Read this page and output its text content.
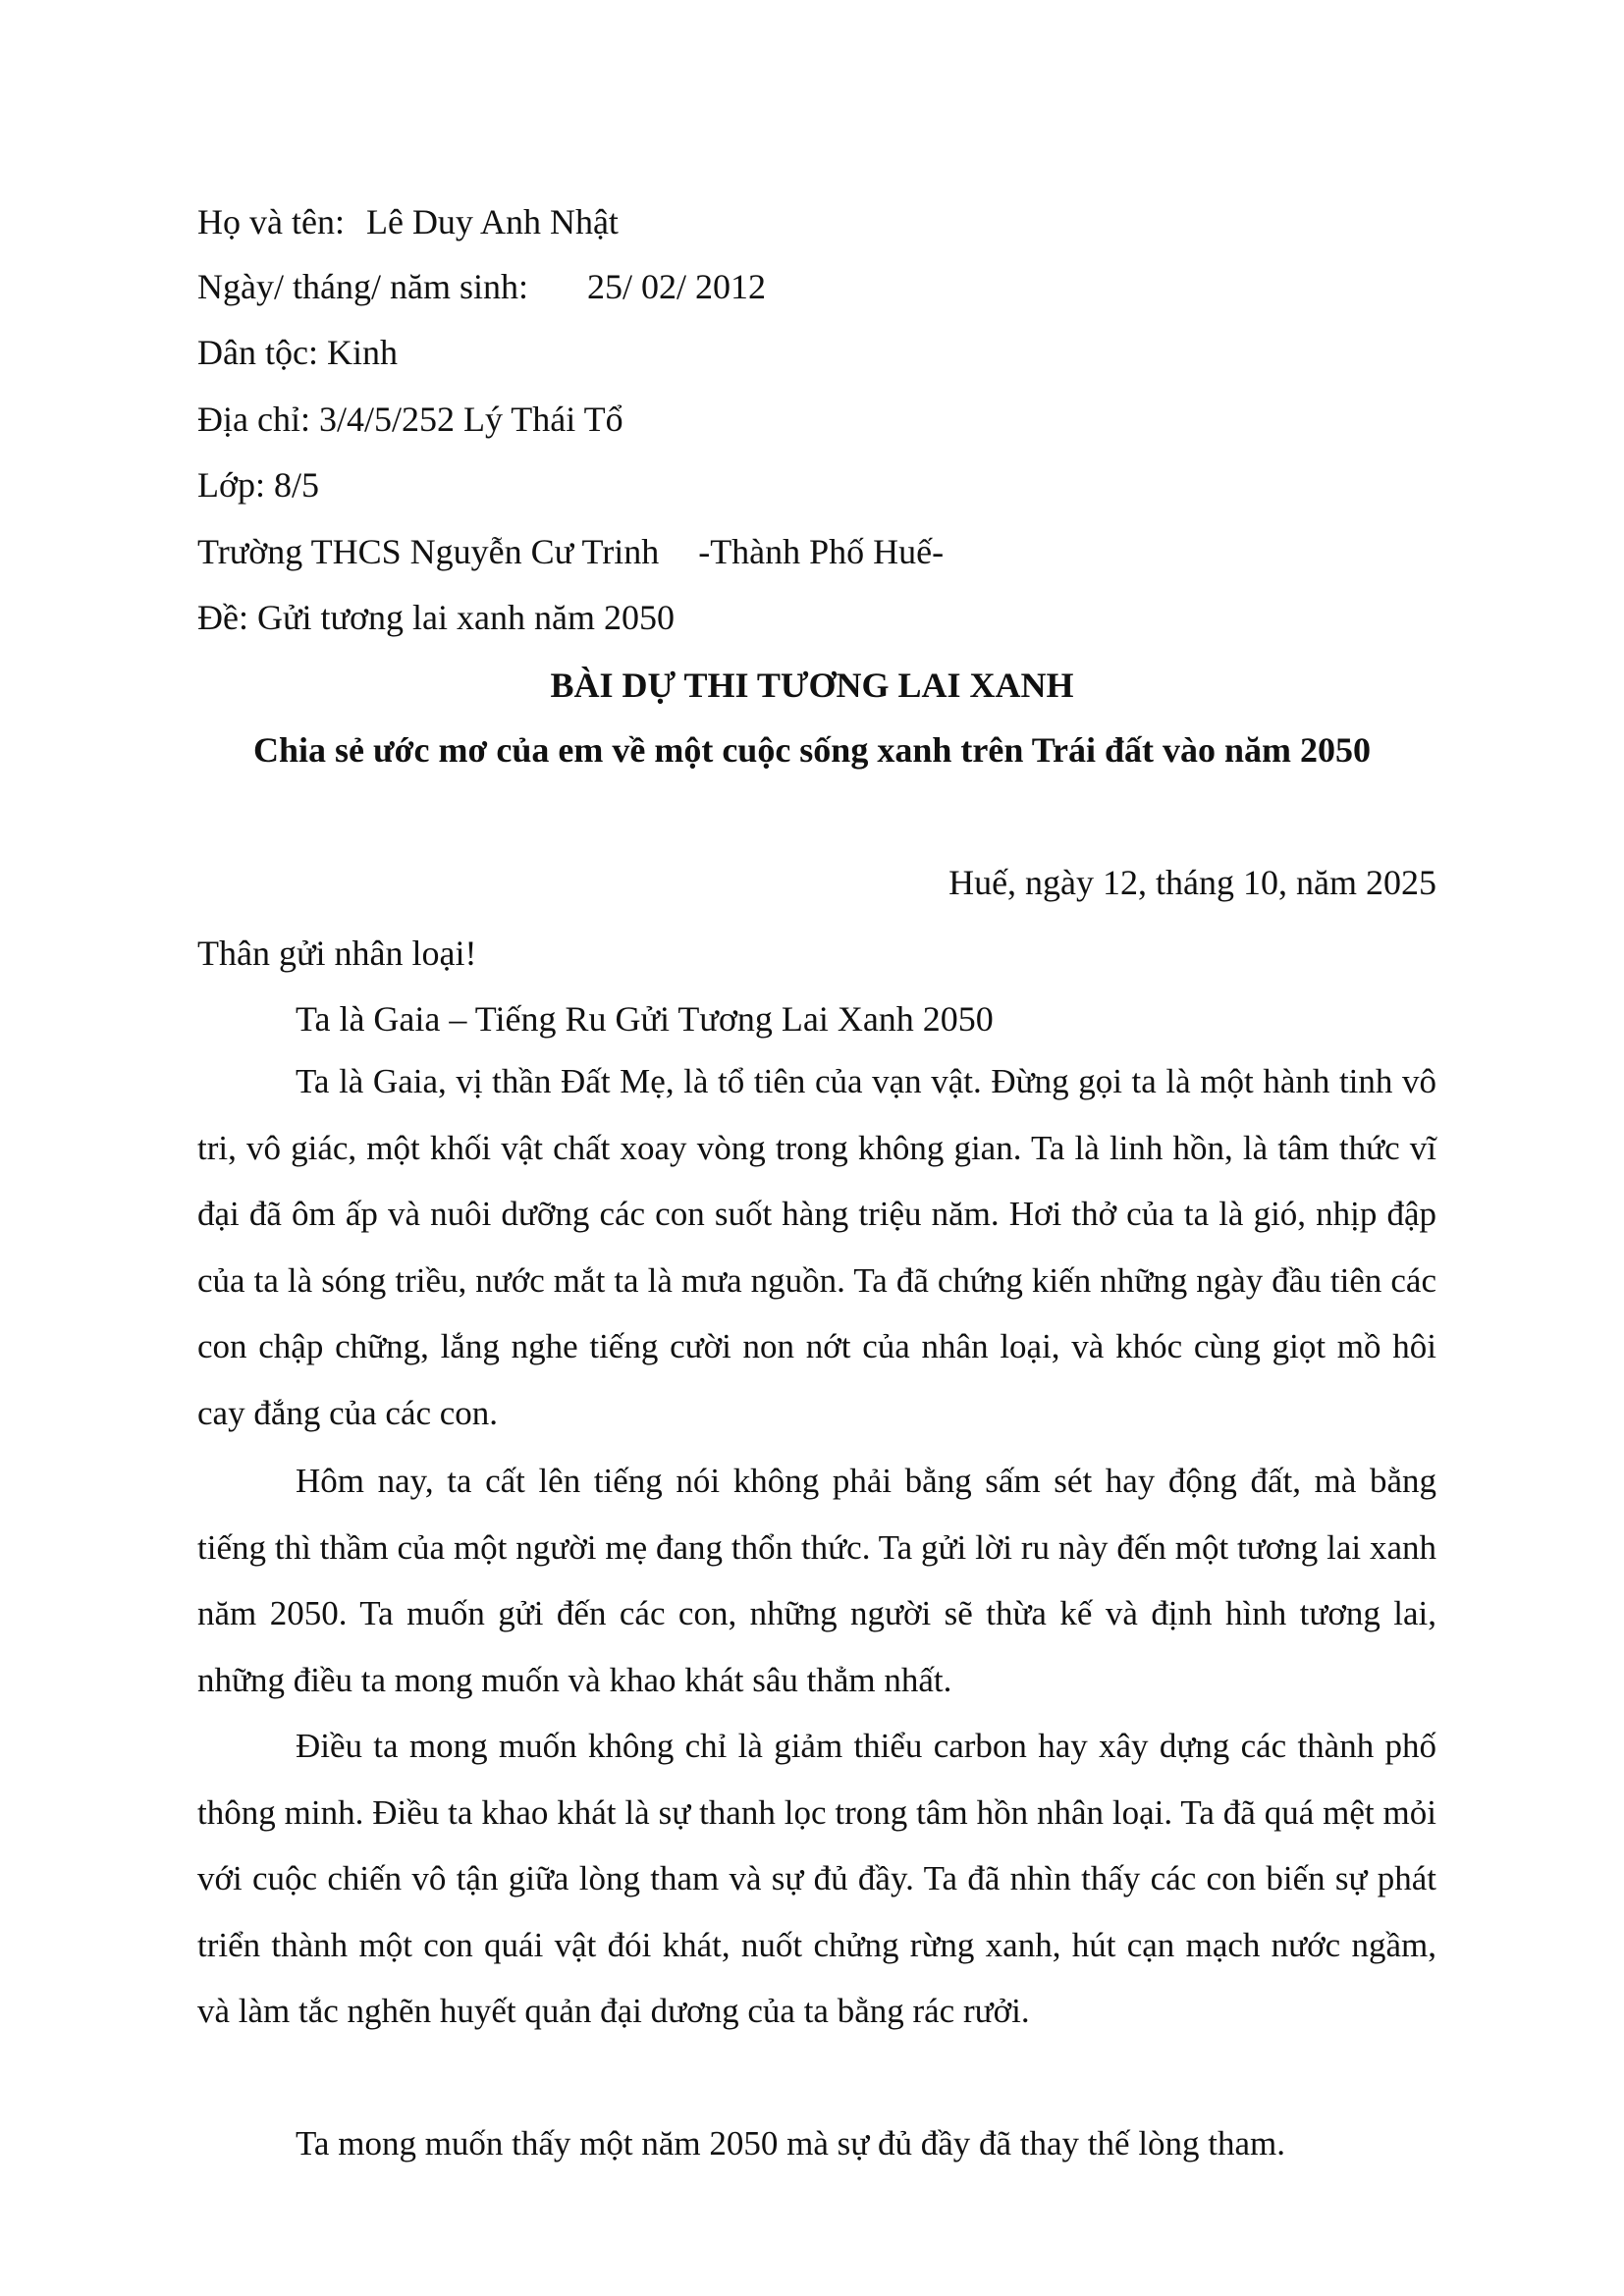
Họ và tên: Lê Duy Anh Nhật
Ngày/ tháng/ năm sinh: 25/ 02/ 2012
Dân tộc: Kinh
Địa chỉ: 3/4/5/252 Lý Thái Tổ
Lớp: 8/5
Trường THCS Nguyễn Cư Trinh -Thành Phố Huế-
Đề: Gửi tương lai xanh năm 2050
BÀI DỰ THI TƯƠNG LAI XANH
Chia sẻ ước mơ của em về một cuộc sống xanh trên Trái đất vào năm 2050
Huế, ngày 12, tháng 10, năm 2025
Thân gửi nhân loại!
Ta là Gaia – Tiếng Ru Gửi Tương Lai Xanh 2050

Ta là Gaia, vị thần Đất Mẹ, là tổ tiên của vạn vật. Đừng gọi ta là một hành tinh vô tri, vô giác, một khối vật chất xoay vòng trong không gian. Ta là linh hồn, là tâm thức vĩ đại đã ôm ấp và nuôi dưỡng các con suốt hàng triệu năm. Hơi thở của ta là gió, nhịp đập của ta là sóng triều, nước mắt ta là mưa nguồn. Ta đã chứng kiến những ngày đầu tiên các con chập chững, lắng nghe tiếng cười non nớt của nhân loại, và khóc cùng giọt mồ hôi cay đắng của các con.

Hôm nay, ta cất lên tiếng nói không phải bằng sấm sét hay động đất, mà bằng tiếng thì thầm của một người mẹ đang thổn thức. Ta gửi lời ru này đến một tương lai xanh năm 2050. Ta muốn gửi đến các con, những người sẽ thừa kế và định hình tương lai, những điều ta mong muốn và khao khát sâu thẳm nhất.

Điều ta mong muốn không chỉ là giảm thiểu carbon hay xây dựng các thành phố thông minh. Điều ta khao khát là sự thanh lọc trong tâm hồn nhân loại. Ta đã quá mệt mỏi với cuộc chiến vô tận giữa lòng tham và sự đủ đầy. Ta đã nhìn thấy các con biến sự phát triển thành một con quái vật đói khát, nuốt chửng rừng xanh, hút cạn mạch nước ngầm, và làm tắc nghẽn huyết quản đại dương của ta bằng rác rưởi.

Ta mong muốn thấy một năm 2050 mà sự đủ đầy đã thay thế lòng tham.
